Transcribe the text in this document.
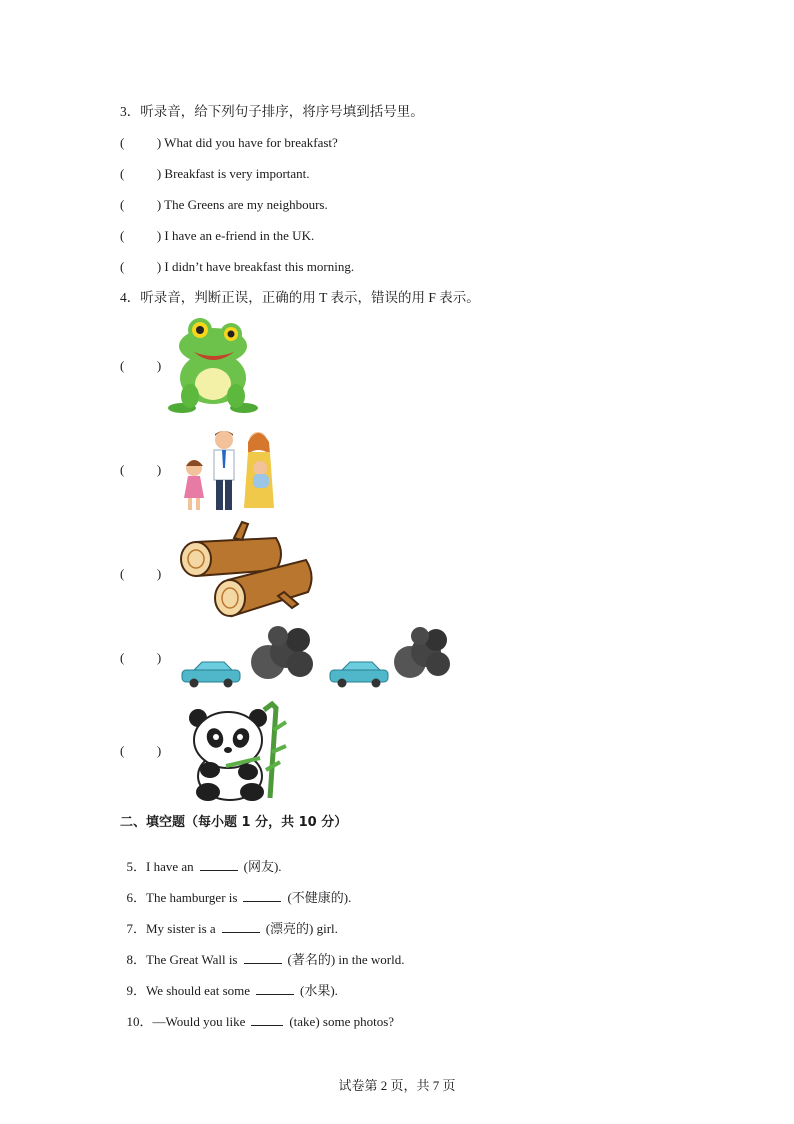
3．听录音，给下列句子排序，将序号填到括号里。
(          ) What did you have for breakfast?
(          ) Breakfast is very important.
(          ) The Greens are my neighbours.
(          ) I have an e-friend in the UK.
(          ) I didn’t have breakfast this morning.
4．听录音，判断正误，正确的用 T 表示，错误的用 F 表示。
(          )
(          )
(          )
(          )
(          )
二、填空题（每小题 1 分，共 10 分）

5．I have an	(网友).

6．The hamburger is	(不健康的).

7．My sister is a	(漂亮的) girl.

8．The Great Wall is	(著名的) in the world.

9．We should eat some	(水果).

10．—Would you like	(take) some photos?

试卷第 2 页，共 7 页
